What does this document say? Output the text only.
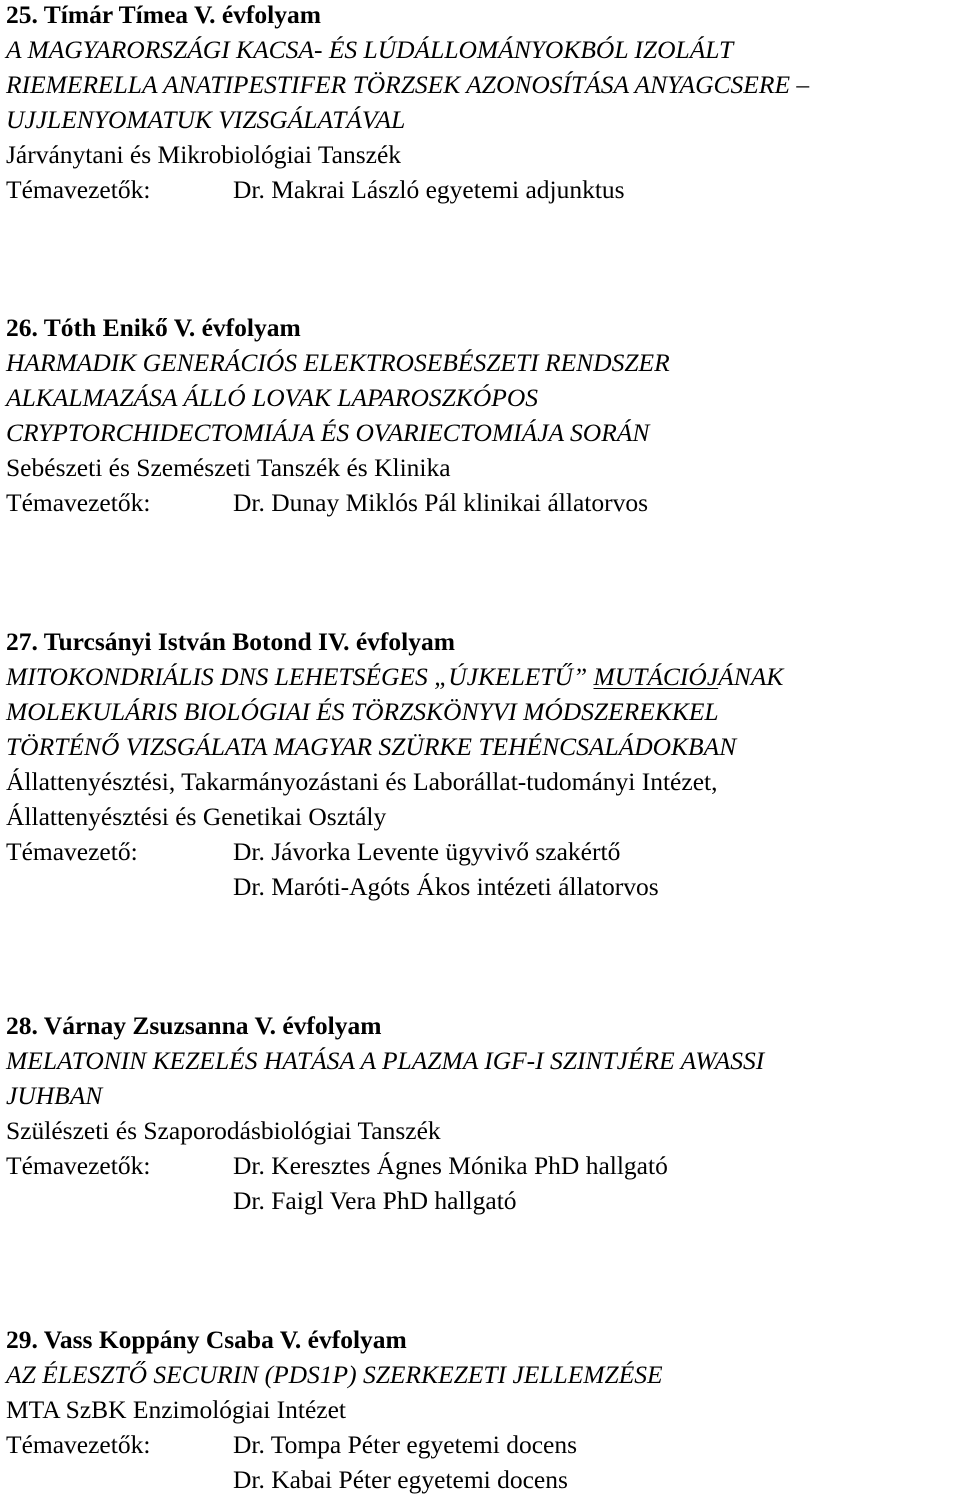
25. Tímár Tímea V. évfolyam
A MAGYARORSZÁGI KACSA- ÉS LÚDÁLLOMÁNYOKBÓL IZOLÁLT
RIEMERELLA ANATIPESTIFER TÖRZSEK AZONOSÍTÁSA ANYAGCSERE –
UJJLENYOMATUK VIZSGÁLATÁVAL
Járványtani és Mikrobiológiai Tanszék
Témavezetők:	Dr. Makrai László egyetemi adjunktus
26. Tóth Enikő V. évfolyam
HARMADIK GENERÁCIÓS ELEKTROSEBÉSZETI RENDSZER
ALKALMAZÁSA ÁLLÓ LOVAK LAPAROSZKÓPOS
CRYPTORCHIDECTOMIÁJA ÉS OVARIECTOMIÁJA SORÁN
Sebészeti és Szemészeti Tanszék és Klinika
Témavezetők:	Dr. Dunay Miklós Pál klinikai állatorvos
27. Turcsányi István Botond IV. évfolyam
MITOKONDRIÁLIS DNS LEHETSÉGES „ÚJKELETŰ” MUTÁCIÓJÁNAK
MOLEKULÁRIS BIOLÓGIAI ÉS TÖRZSKÖNYVI MÓDSZEREKKEL
TÖRTÉNŐ VIZSGÁLATA MAGYAR SZÜRKE TEHÉNCSALÁDOKBAN
Állattenyésztési, Takarmányozástani és Laborállat-tudományi Intézet,
Állattenyésztési és Genetikai Osztály
Témavezető:	Dr. Jávorka Levente ügyvivő szakértő
Dr. Maróti-Agóts Ákos intézeti állatorvos
28. Várnay Zsuzsanna V. évfolyam
MELATONIN KEZELÉS HATÁSA A PLAZMA IGF-I SZINTJÉRE AWASSI
JUHBAN
Szülészeti és Szaporodásbiológiai Tanszék
Témavezetők:	Dr. Keresztes Ágnes Mónika PhD hallgató
Dr. Faigl Vera PhD hallgató
29. Vass Koppány Csaba V. évfolyam
AZ ÉLESZTŐ SECURIN (PDS1P) SZERKEZETI JELLEMZÉSE
MTA SzBK Enzimológiai Intézet
Témavezetők:	Dr. Tompa Péter egyetemi docens
Dr. Kabai Péter egyetemi docens
